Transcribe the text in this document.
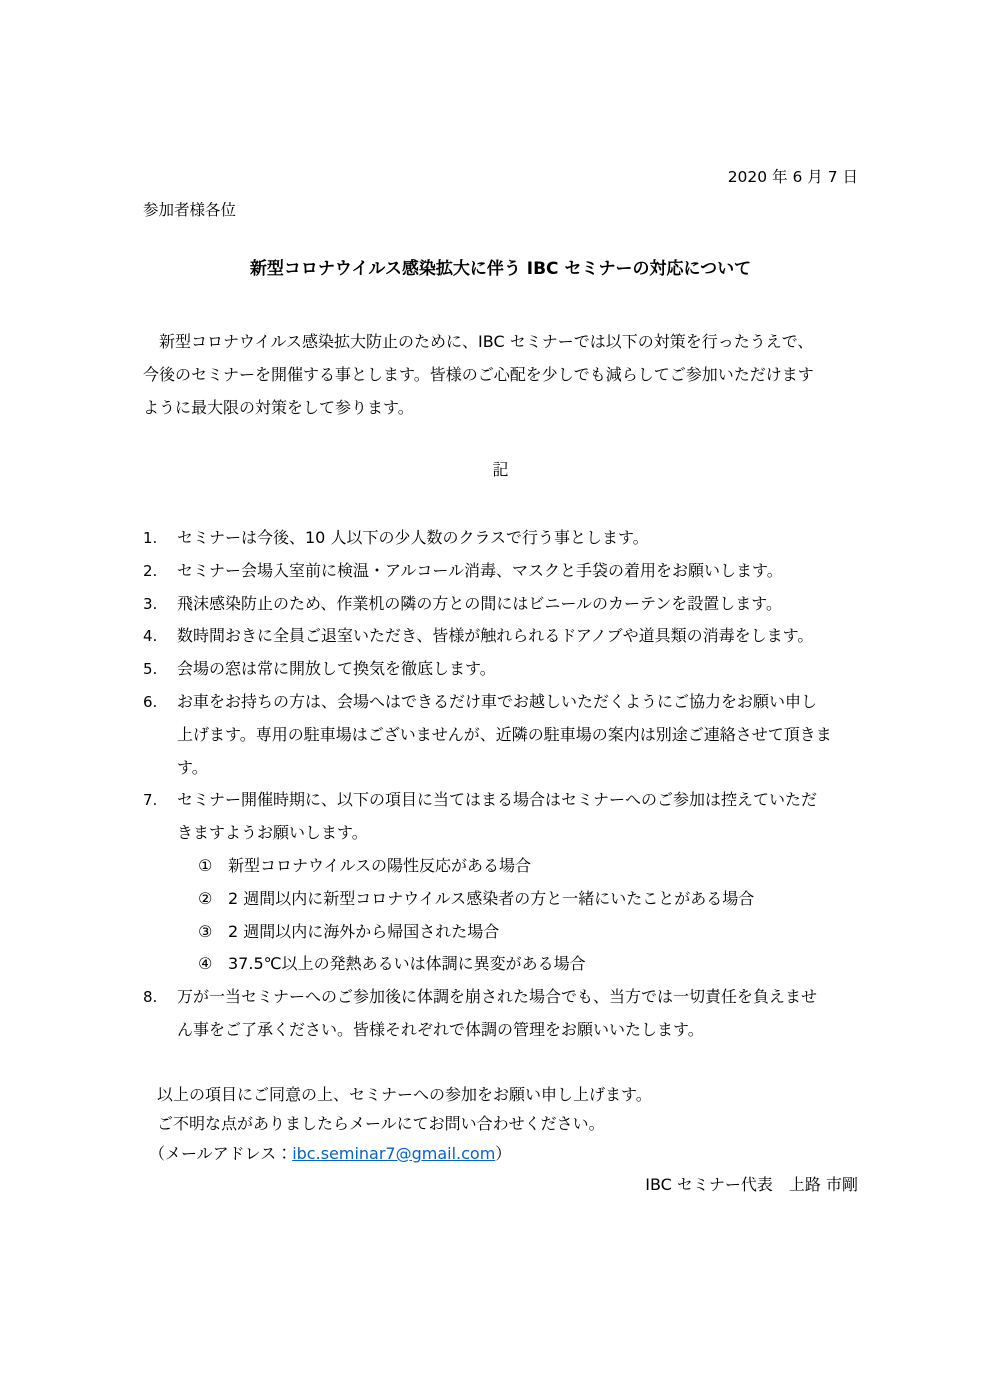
2020 年 6 月 7 日
参加者様各位
新型コロナウイルス感染拡大に伴う IBC セミナーの対応について
　新型コロナウイルス感染拡大防止のために、IBC セミナーでは以下の対策を行ったうえで、
今後のセミナーを開催する事とします。皆様のご心配を少しでも減らしてご参加いただけます
ように最大限の対策をして参ります。
記
1.	セミナーは今後、10 人以下の少人数のクラスで行う事とします。
2.	セミナー会場入室前に検温・アルコール消毒、マスクと手袋の着用をお願いします。
3.	飛沫感染防止のため、作業机の隣の方との間にはビニールのカーテンを設置します。
4.	数時間おきに全員ご退室いただき、皆様が触れられるドアノブや道具類の消毒をします。
5.	会場の窓は常に開放して換気を徹底します。
6.	お車をお持ちの方は、会場へはできるだけ車でお越しいただくようにご協力をお願い申し
上げます。専用の駐車場はございませんが、近隣の駐車場の案内は別途ご連絡させて頂きま
す。
7.	セミナー開催時期に、以下の項目に当てはまる場合はセミナーへのご参加は控えていただ
きますようお願いします。
① 新型コロナウイルスの陽性反応がある場合
② 2 週間以内に新型コロナウイルス感染者の方と一緒にいたことがある場合
③ 2 週間以内に海外から帰国された場合
④ 37.5℃以上の発熱あるいは体調に異変がある場合
8.	万が一当セミナーへのご参加後に体調を崩された場合でも、当方では一切責任を負えませ
ん事をご了承ください。皆様それぞれで体調の管理をお願いいたします。
以上の項目にご同意の上、セミナーへの参加をお願い申し上げます。
ご不明な点がありましたらメールにてお問い合わせください。
（メールアドレス：ibc.seminar7@gmail.com）
IBC セミナー代表　上路 市剛
